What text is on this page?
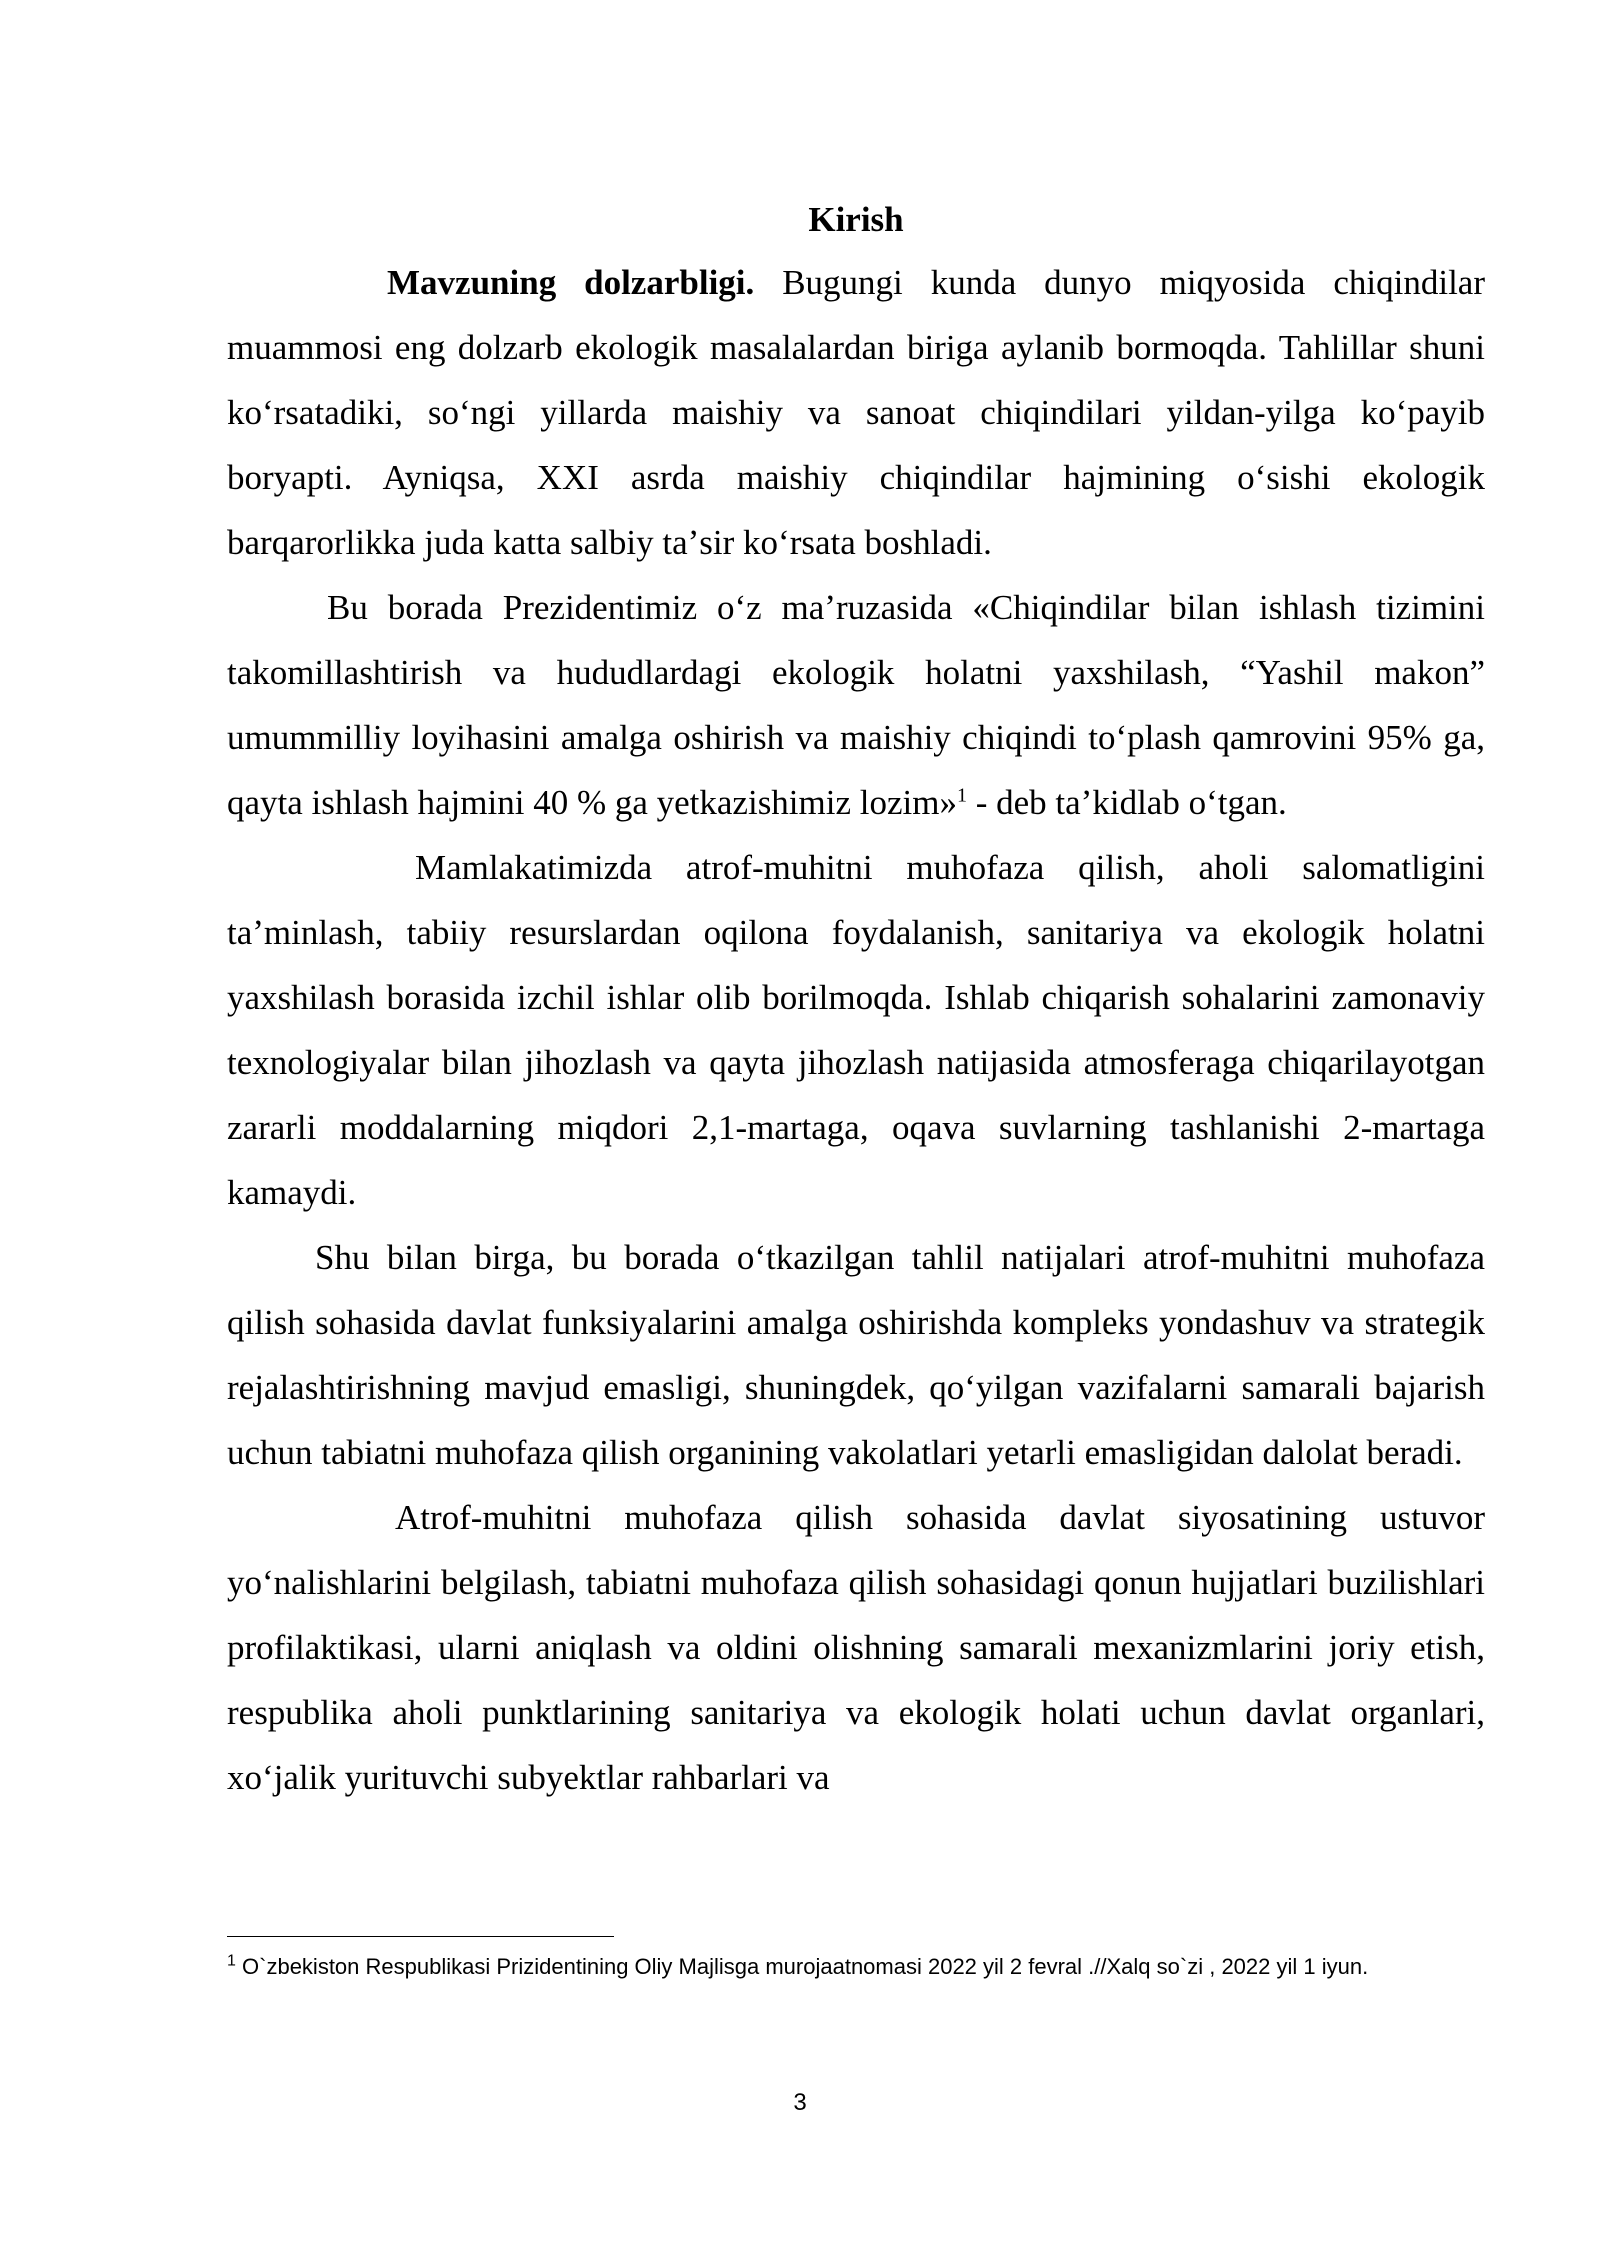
Kirish

Mavzuning dolzarbligi. Bugungi kunda dunyo miqyosida chiqindilar muammosi eng dolzarb ekologik masalalardan biriga aylanib bormoqda. Tahlillar shuni koʻrsatadiki, soʻngi yillarda maishiy va sanoat chiqindilari yildan-yilga koʻpayib boryapti. Ayniqsa, XXI asrda maishiy chiqindilar hajmining oʻsishi ekologik barqarorlikka juda katta salbiy taʼsir koʻrsata boshladi.

Bu borada Prezidentimiz oʻz maʼruzasida «Chiqindilar bilan ishlash tizimini takomillashtirish va hududlardagi ekologik holatni yaxshilash, “Yashil makon” umummilliy loyihasini amalga oshirish va maishiy chiqindi toʻplash qamrovini 95% ga, qayta ishlash hajmini 40 % ga yetkazishimiz lozim»$^1$ - deb taʼkidlab oʻtgan.

Mamlakatimizda atrof-muhitni muhofaza qilish, aholi salomatligini taʼminlash, tabiiy resurslardan oqilona foydalanish, sanitariya va ekologik holatni yaxshilash borasida izchil ishlar olib borilmoqda. Ishlab chiqarish sohalarini zamonaviy texnologiyalar bilan jihozlash va qayta jihozlash natijasida atmosferaga chiqarilayotgan zararli moddalarning miqdori 2,1-martaga, oqava suvlarning tashlanishi 2-martaga kamaydi.

Shu bilan birga, bu borada oʻtkazilgan tahlil natijalari atrof-muhitni muhofaza qilish sohasida davlat funksiyalarini amalga oshirishda kompleks yondashuv va strategik rejalashtirishning mavjud emasligi, shuningdek, qoʻyilgan vazifalarni samarali bajarish uchun tabiatni muhofaza qilish organining vakolatlari yetarli emasligidan dalolat beradi.

Atrof-muhitni muhofaza qilish sohasida davlat siyosatining ustuvor yoʻnalishlarini belgilash, tabiatni muhofaza qilish sohasidagi qonun hujjatlari buzilishlari profilaktikasi, ularni aniqlash va oldini olishning samarali mexanizmlarini joriy etish, respublika aholi punktlarining sanitariya va ekologik holati uchun davlat organlari, xoʻjalik yurituvchi subyektlar rahbarlari va

$^1$ O`zbekiston Respublikasi Prizidentining Oliy Majlisga murojaatnomasi 2022 yil 2 fevral .//Xalq so`zi , 2022 yil 1 iyun.

3
